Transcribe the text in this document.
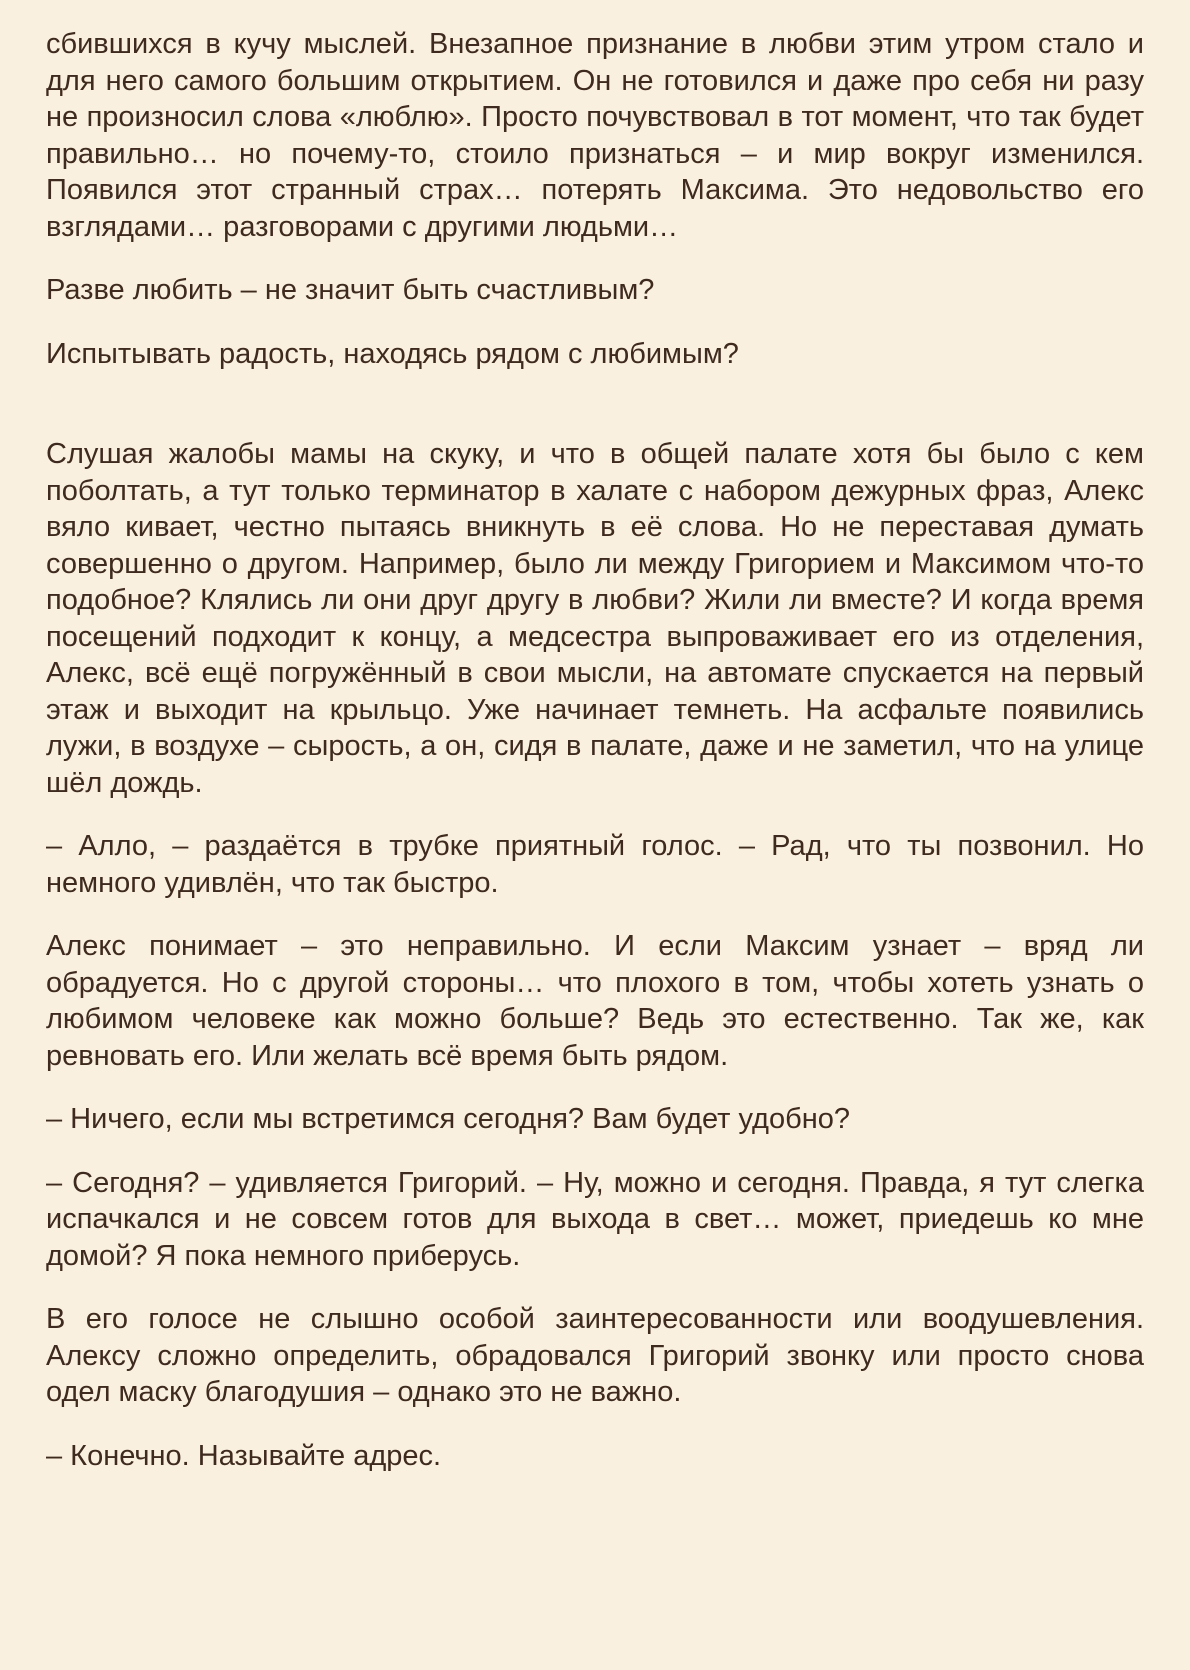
сбившихся в кучу мыслей. Внезапное признание в любви этим утром стало и для него самого большим открытием. Он не готовился и даже про себя ни разу не произносил слова «люблю». Просто почувствовал в тот момент, что так будет правильно… но почему-то, стоило признаться – и мир вокруг изменился. Появился этот странный страх… потерять Максима. Это недовольство его взглядами… разговорами с другими людьми…

Разве любить – не значит быть счастливым?

Испытывать радость, находясь рядом с любимым?

Слушая жалобы мамы на скуку, и что в общей палате хотя бы было с кем поболтать, а тут только терминатор в халате с набором дежурных фраз, Алекс вяло кивает, честно пытаясь вникнуть в её слова. Но не переставая думать совершенно о другом. Например, было ли между Григорием и Максимом что-то подобное? Клялись ли они друг другу в любви? Жили ли вместе? И когда время посещений подходит к концу, а медсестра выпроваживает его из отделения, Алекс, всё ещё погружённый в свои мысли, на автомате спускается на первый этаж и выходит на крыльцо. Уже начинает темнеть. На асфальте появились лужи, в воздухе – сырость, а он, сидя в палате, даже и не заметил, что на улице шёл дождь.

– Алло, – раздаётся в трубке приятный голос. – Рад, что ты позвонил. Но немного удивлён, что так быстро.

Алекс понимает – это неправильно. И если Максим узнает – вряд ли обрадуется. Но с другой стороны… что плохого в том, чтобы хотеть узнать о любимом человеке как можно больше? Ведь это естественно. Так же, как ревновать его. Или желать всё время быть рядом.

– Ничего, если мы встретимся сегодня? Вам будет удобно?

– Сегодня? – удивляется Григорий. – Ну, можно и сегодня. Правда, я тут слегка испачкался и не совсем готов для выхода в свет… может, приедешь ко мне домой? Я пока немного приберусь.

В его голосе не слышно особой заинтересованности или воодушевления. Алексу сложно определить, обрадовался Григорий звонку или просто снова одел маску благодушия – однако это не важно.

– Конечно. Называйте адрес.
